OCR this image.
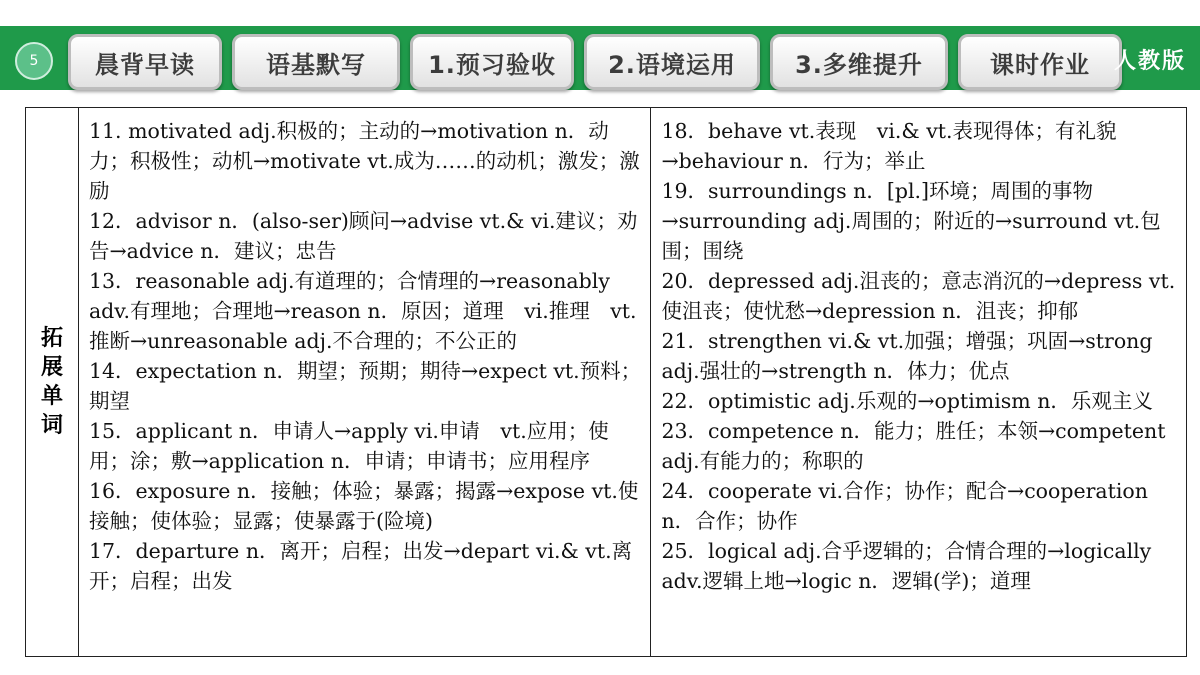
5	晨背早读	语基默写	1.预习验收	2.语境运用	3.多维提升	课时作业	人教版
拓
展
单
词

11. motivated adj.积极的；主动的→motivation n．动力；积极性；动机→motivate vt.成为……的动机；激发；激励

12．advisor n．(also-ser)顾问→advise vt.& vi.建议；劝告→advice n．建议；忠告

13．reasonable adj.有道理的；合情理的→reasonably adv.有理地；合理地→reason n．原因；道理　vi.推理　vt.推断→unreasonable adj.不合理的；不公正的

14．expectation n．期望；预期；期待→expect vt.预料；期望

15．applicant n．申请人→apply vi.申请　vt.应用；使用；涂；敷→application n．申请；申请书；应用程序

16．exposure n．接触；体验；暴露；揭露→expose vt.使接触；使体验；显露；使暴露于(险境)

17．departure n．离开；启程；出发→depart vi.& vt.离开；启程；出发

18．behave vt.表现　vi.& vt.表现得体；有礼貌→behaviour n．行为；举止

19．surroundings n．[pl.]环境；周围的事物→surrounding adj.周围的；附近的→surround vt.包围；围绕

20．depressed adj.沮丧的；意志消沉的→depress vt.使沮丧；使忧愁→depression n．沮丧；抑郁

21．strengthen vi.& vt.加强；增强；巩固→strong adj.强壮的→strength n．体力；优点

22．optimistic adj.乐观的→optimism n．乐观主义

23．competence n．能力；胜任；本领→competent adj.有能力的；称职的

24．cooperate vi.合作；协作；配合→cooperation n．合作；协作

25．logical adj.合乎逻辑的；合情合理的→logically adv.逻辑上地→logic n．逻辑(学)；道理
